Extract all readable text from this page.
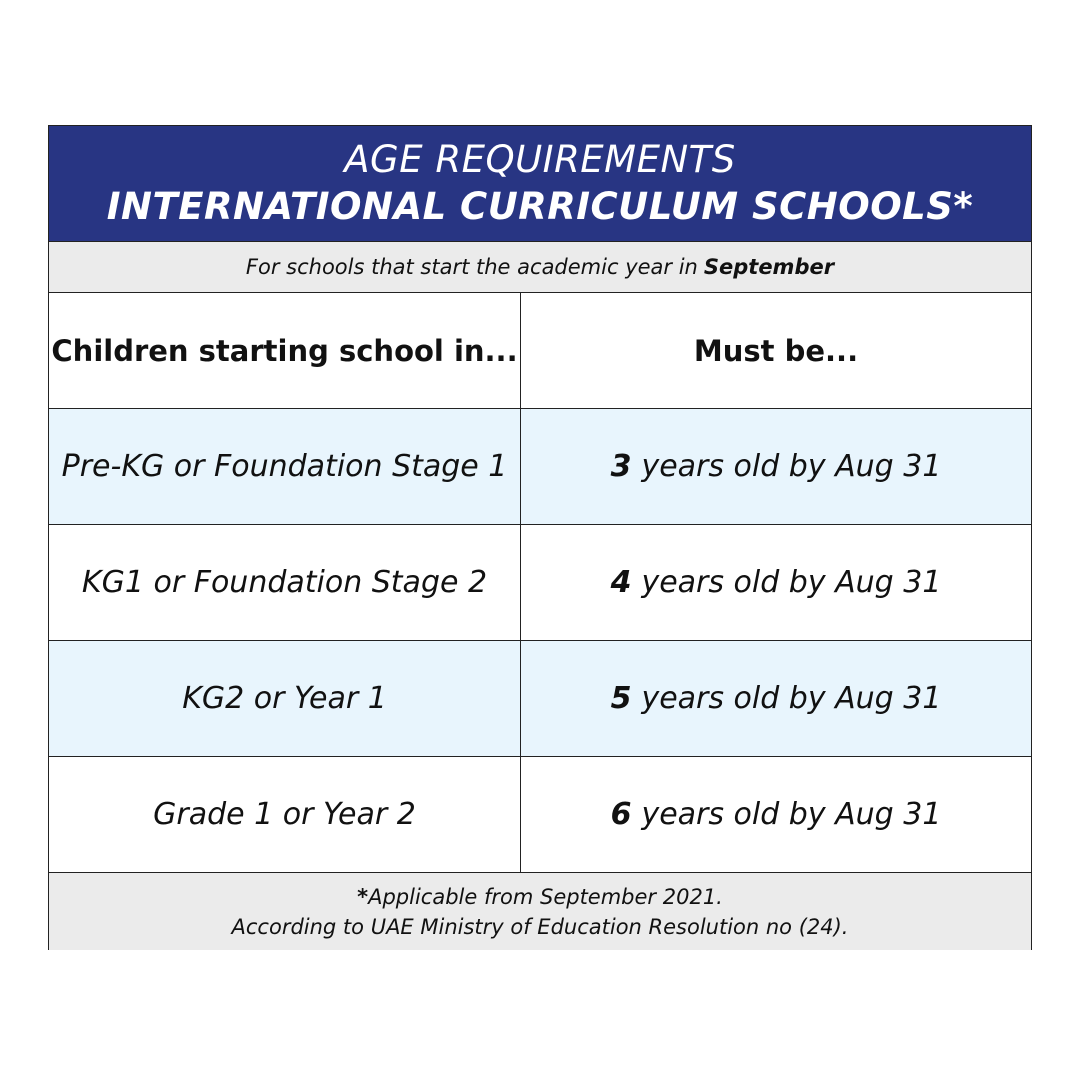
AGE REQUIREMENTS
INTERNATIONAL CURRICULUM SCHOOLS*
For schools that start the academic year in September
Children starting school in...	Must be...
Pre-KG or Foundation Stage 1	3 years old by Aug 31
KG1 or Foundation Stage 2	4 years old by Aug 31
KG2 or Year 1	5 years old by Aug 31
Grade 1 or Year 2	6 years old by Aug 31
*Applicable from September 2021.
According to UAE Ministry of Education Resolution no (24).
